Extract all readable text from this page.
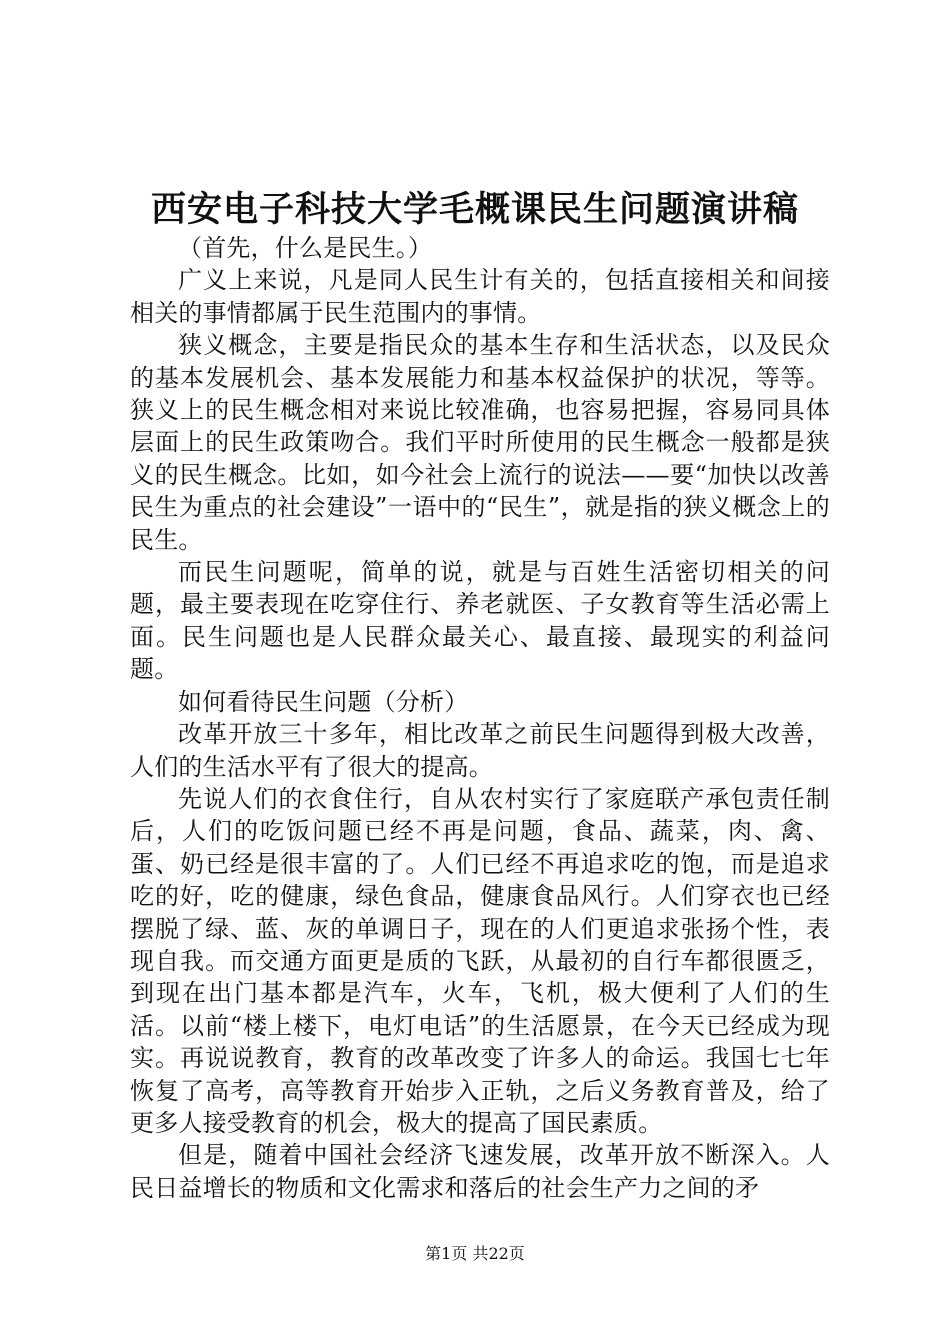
西安电子科技大学毛概课民生问题演讲稿

（首先，什么是民生。）

广义上来说，凡是同人民生计有关的，包括直接相关和间接相关的事情都属于民生范围内的事情。

狭义概念，主要是指民众的基本生存和生活状态，以及民众的基本发展机会、基本发展能力和基本权益保护的状况，等等。狭义上的民生概念相对来说比较准确，也容易把握，容易同具体层面上的民生政策吻合。我们平时所使用的民生概念一般都是狭义的民生概念。比如，如今社会上流行的说法——要“加快以改善民生为重点的社会建设”一语中的“民生”，就是指的狭义概念上的民生。

而民生问题呢，简单的说，就是与百姓生活密切相关的问题，最主要表现在吃穿住行、养老就医、子女教育等生活必需上面。民生问题也是人民群众最关心、最直接、最现实的利益问题。

如何看待民生问题（分析）

改革开放三十多年，相比改革之前民生问题得到极大改善，人们的生活水平有了很大的提高。

先说人们的衣食住行，自从农村实行了家庭联产承包责任制后，人们的吃饭问题已经不再是问题，食品、蔬菜，肉、禽、蛋、奶已经是很丰富的了。人们已经不再追求吃的饱，而是追求吃的好，吃的健康，绿色食品，健康食品风行。人们穿衣也已经摆脱了绿、蓝、灰的单调日子，现在的人们更追求张扬个性，表现自我。而交通方面更是质的飞跃，从最初的自行车都很匮乏，到现在出门基本都是汽车，火车，飞机，极大便利了人们的生活。以前“楼上楼下，电灯电话”的生活愿景，在今天已经成为现实。再说说教育，教育的改革改变了许多人的命运。我国七七年恢复了高考，高等教育开始步入正轨，之后义务教育普及，给了更多人接受教育的机会，极大的提高了国民素质。

但是，随着中国社会经济飞速发展，改革开放不断深入。人民日益增长的物质和文化需求和落后的社会生产力之间的矛

第1页 共22页
